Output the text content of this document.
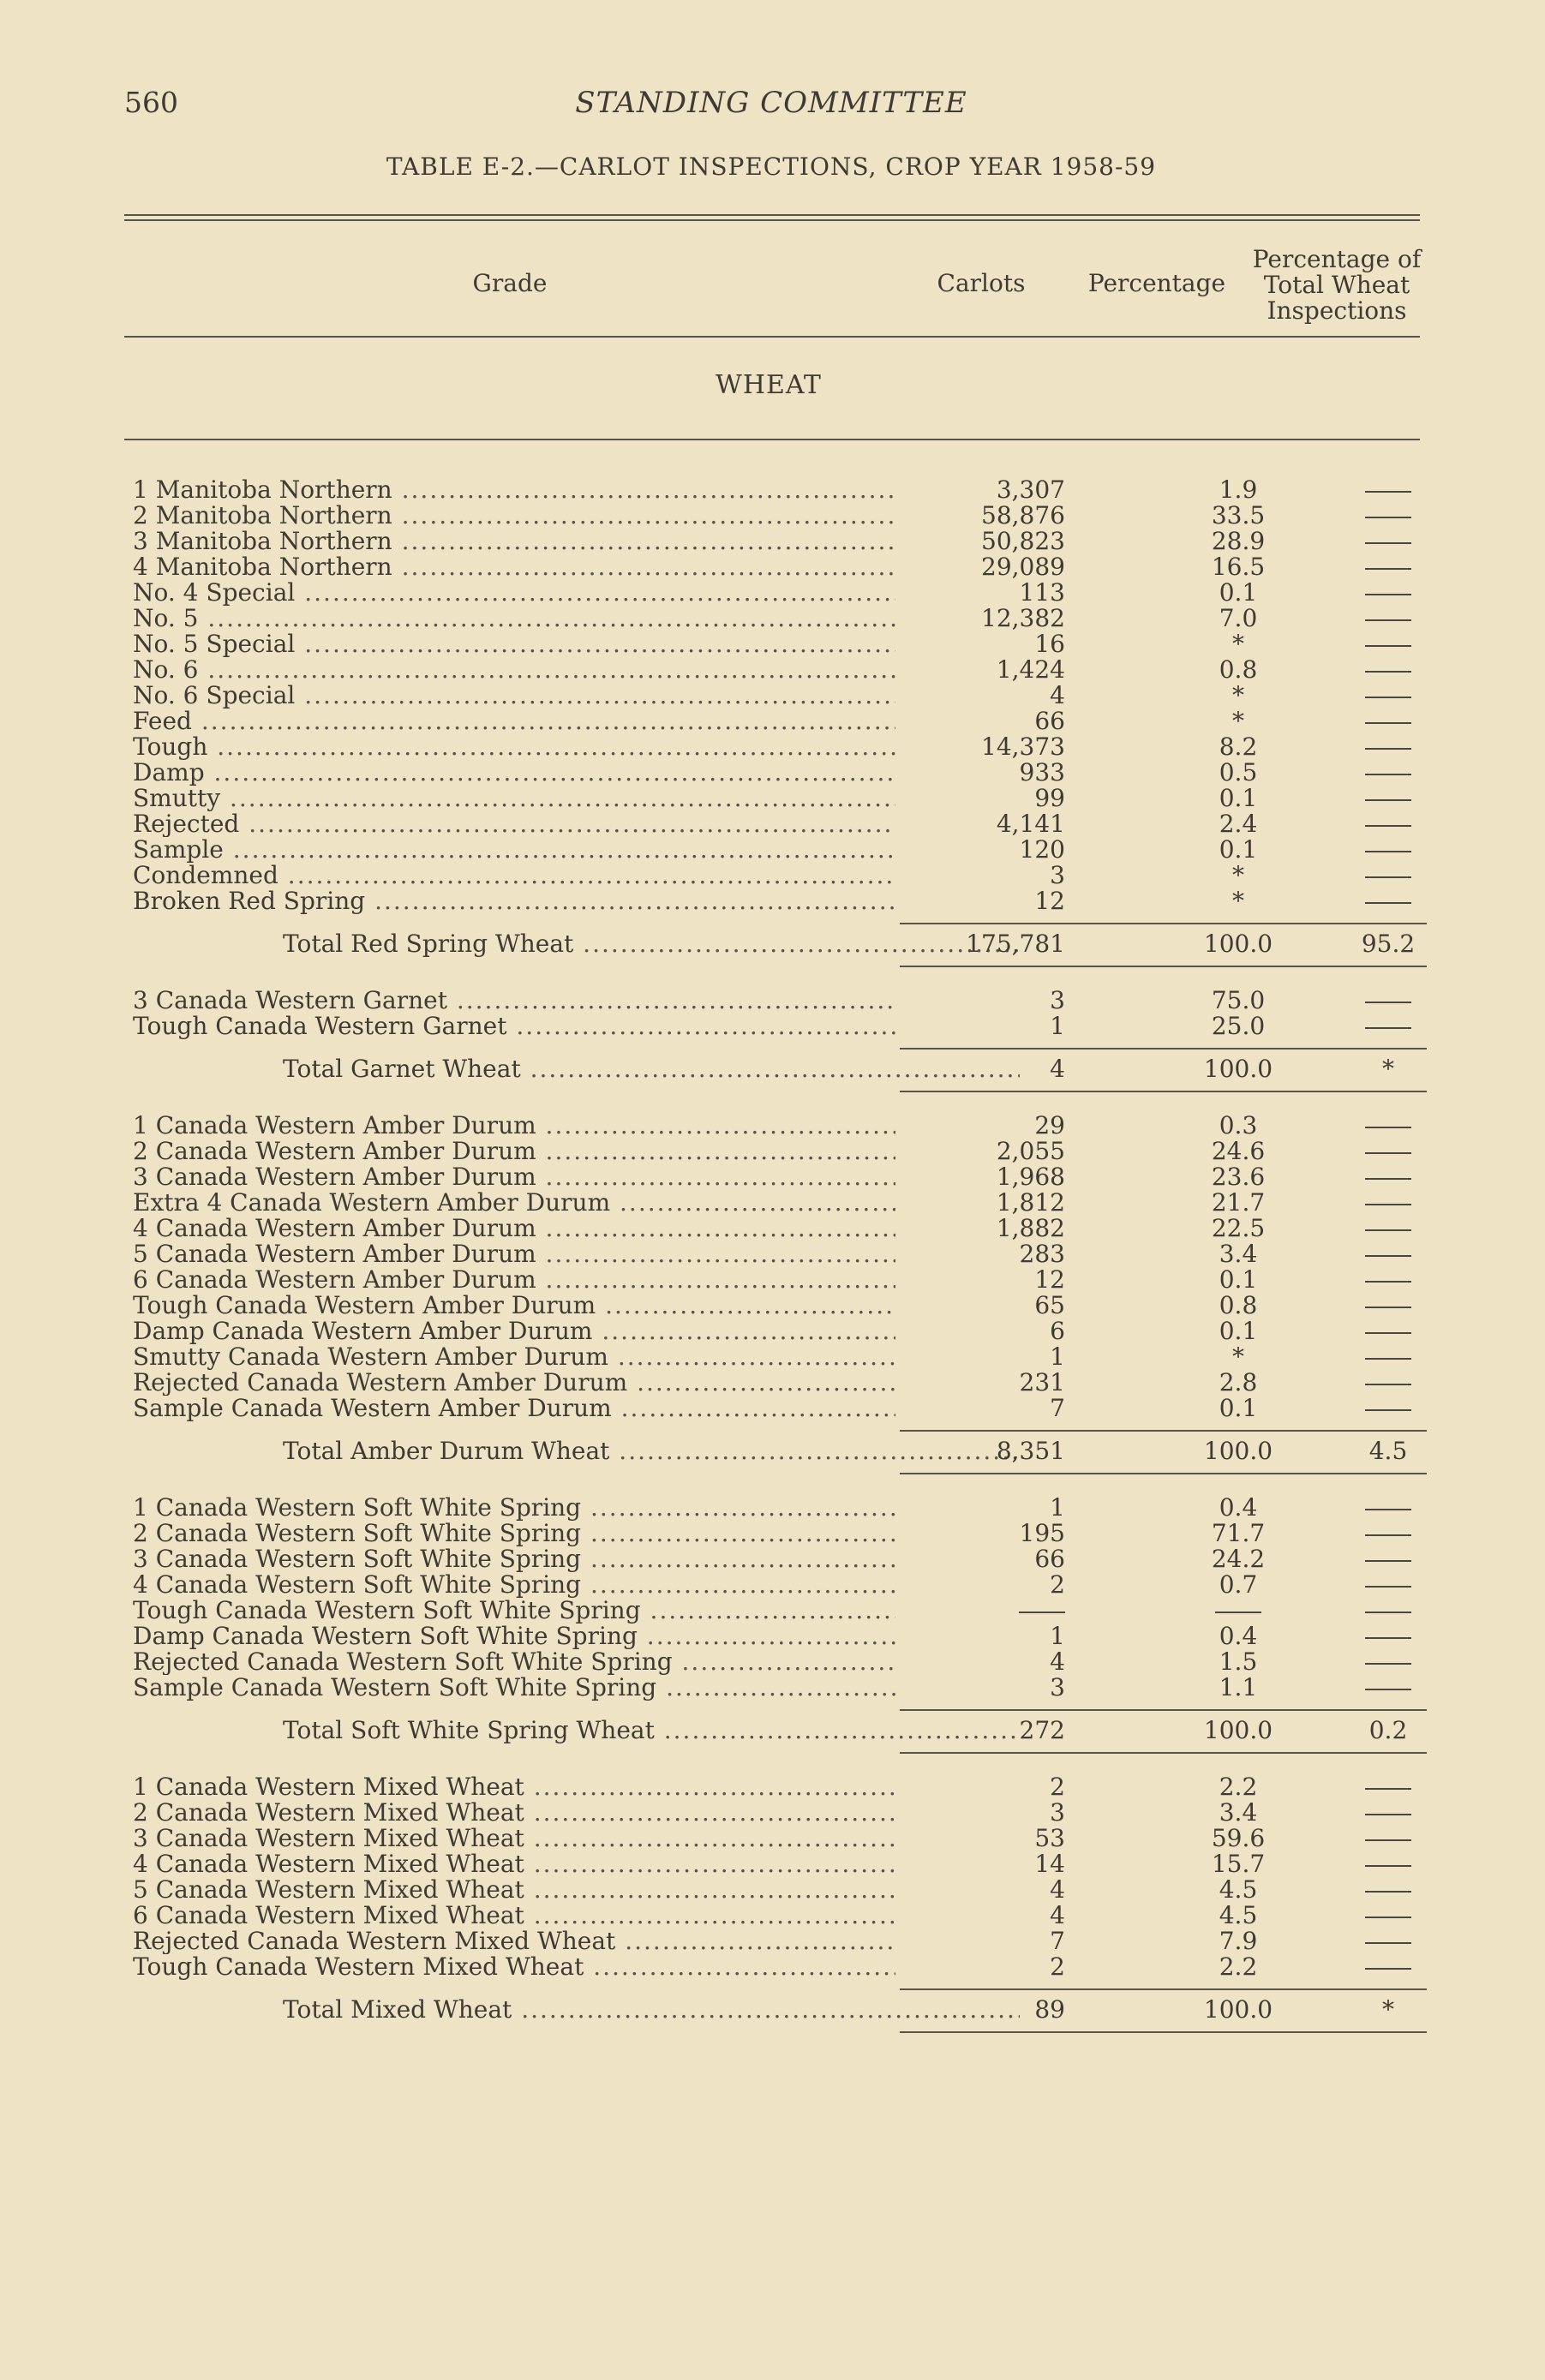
560	STANDING COMMITTEE
TABLE E-2.—CARLOT INSPECTIONS, CROP YEAR 1958-59
Grade	Carlots	Percentage
Percentage of
Total Wheat
Inspections
WHEAT
1 Manitoba Northern .....	3,307	1.9
2 Manitoba Northern .....	58,876	33.5
3 Manitoba Northern .....	50,823	28.9
4 Manitoba Northern .....	29,089	16.5
No. 4 Special .....	113	0.1
No. 5 .....	12,382	7.0
No. 5 Special .....	16	*
No. 6 .....	1,424	0.8
No. 6 Special .....	4	*
Feed .....	66	*
Tough .....	14,373	8.2
Damp .....	933	0.5
Smutty .....	99	0.1
Rejected .....	4,141	2.4
Sample .....	120	0.1
Condemned .....	3	*
Broken Red Spring .....	12	*
Total Red Spring Wheat .....	175,781	100.0	95.2
3 Canada Western Garnet .....	3	75.0
Tough Canada Western Garnet .....	1	25.0
Total Garnet Wheat .....	4	100.0	*
1 Canada Western Amber Durum .....	29	0.3
2 Canada Western Amber Durum .....	2,055	24.6
3 Canada Western Amber Durum .....	1,968	23.6
Extra 4 Canada Western Amber Durum .....	1,812	21.7
4 Canada Western Amber Durum .....	1,882	22.5
5 Canada Western Amber Durum .....	283	3.4
6 Canada Western Amber Durum .....	12	0.1
Tough Canada Western Amber Durum .....	65	0.8
Damp Canada Western Amber Durum .....	6	0.1
Smutty Canada Western Amber Durum .....	1	*
Rejected Canada Western Amber Durum .....	231	2.8
Sample Canada Western Amber Durum .....	7	0.1
Total Amber Durum Wheat .....	8,351	100.0	4.5
1 Canada Western Soft White Spring .....	1	0.4
2 Canada Western Soft White Spring .....	195	71.7
3 Canada Western Soft White Spring .....	66	24.2
4 Canada Western Soft White Spring .....	2	0.7
Tough Canada Western Soft White Spring .....
Damp Canada Western Soft White Spring .....	1	0.4
Rejected Canada Western Soft White Spring .....	4	1.5
Sample Canada Western Soft White Spring .....	3	1.1
Total Soft White Spring Wheat .....	272	100.0	0.2
1 Canada Western Mixed Wheat .....	2	2.2
2 Canada Western Mixed Wheat .....	3	3.4
3 Canada Western Mixed Wheat .....	53	59.6
4 Canada Western Mixed Wheat .....	14	15.7
5 Canada Western Mixed Wheat .....	4	4.5
6 Canada Western Mixed Wheat .....	4	4.5
Rejected Canada Western Mixed Wheat .....	7	7.9
Tough Canada Western Mixed Wheat .....	2	2.2
Total Mixed Wheat .....	89	100.0	*
